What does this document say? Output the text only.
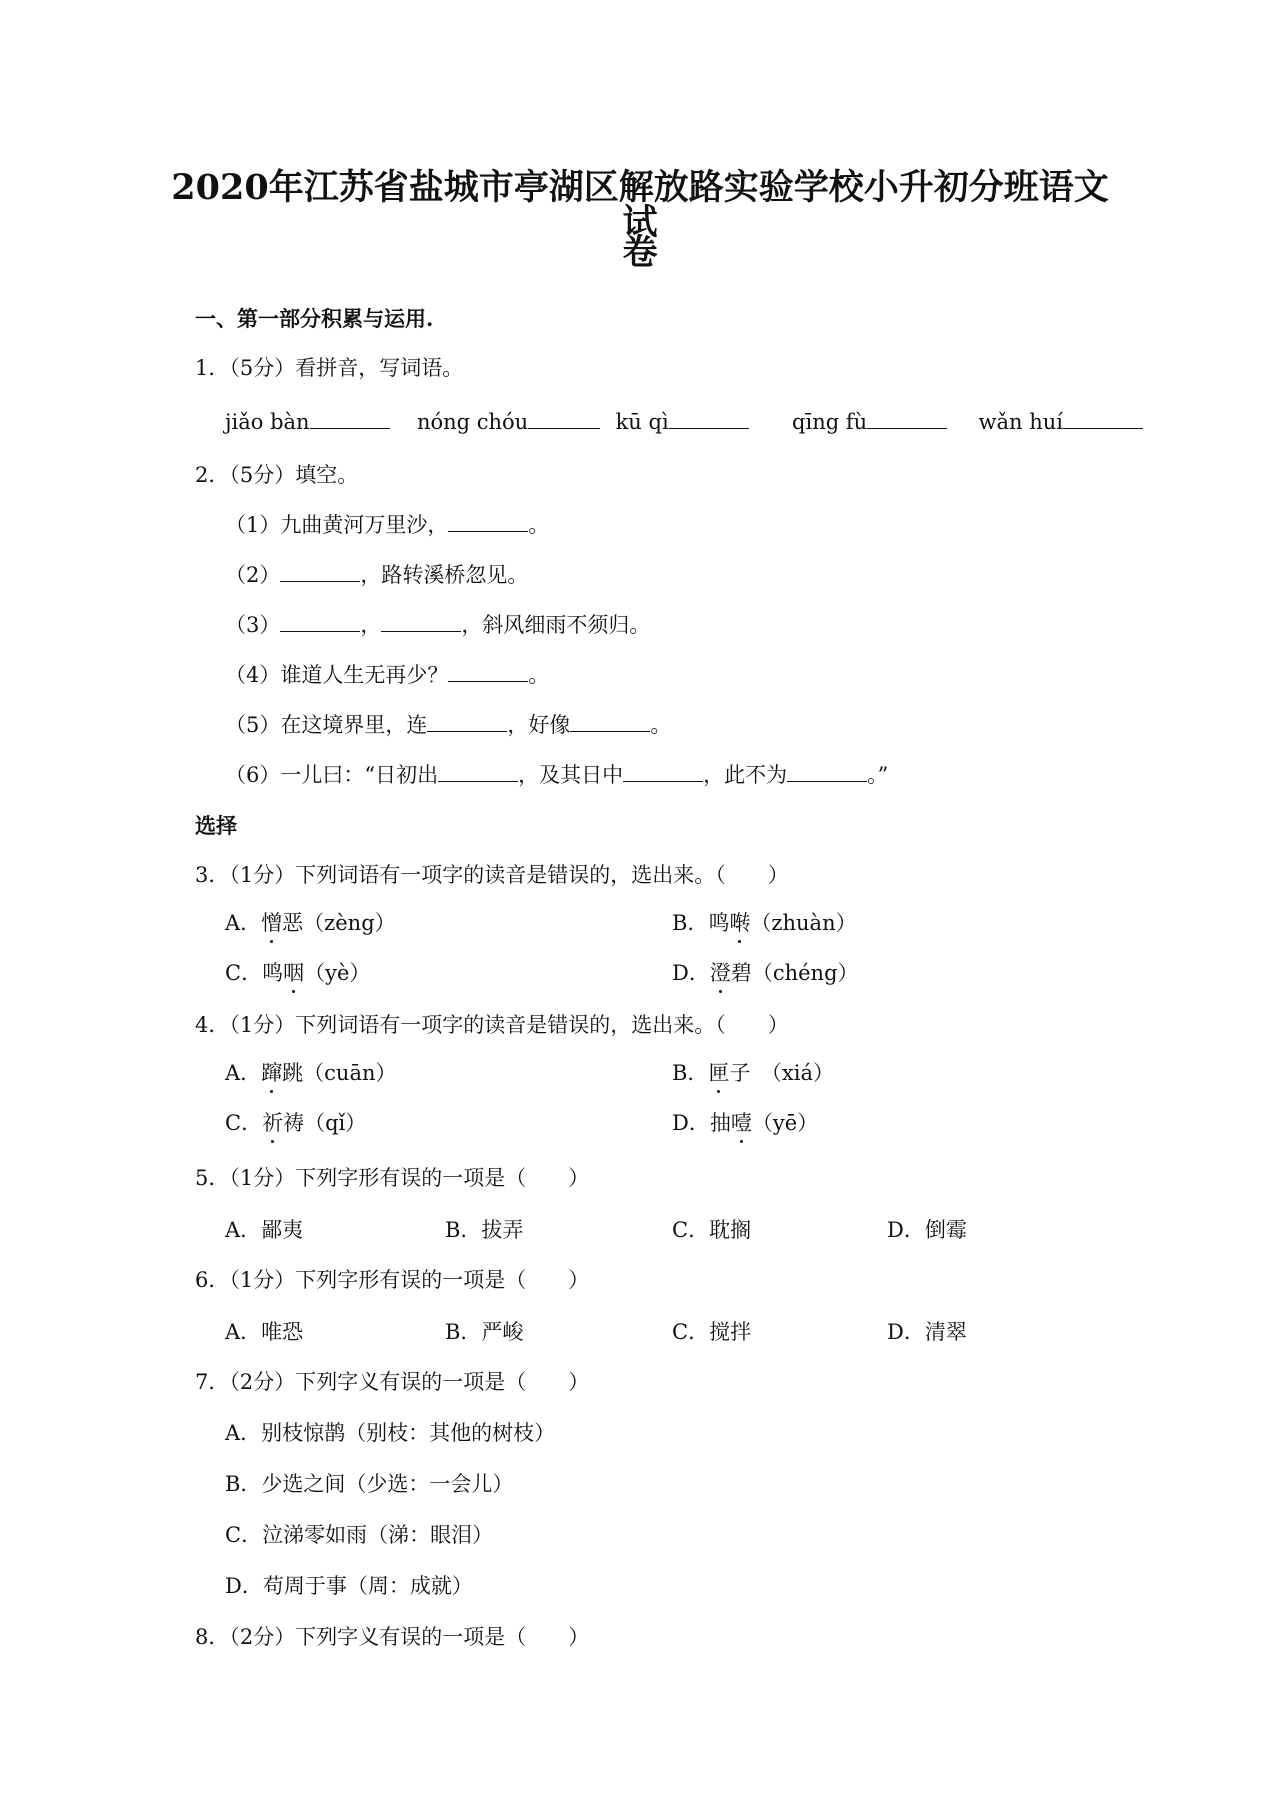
2020年江苏省盐城市亭湖区解放路实验学校小升初分班语文试
卷
一、第一部分积累与运用.
1．（5分）看拼音，写词语。
jiǎo bàn	nóng chóu	kū qì	qīng fù	wǎn huí
2．（5分）填空。
（1）九曲黄河万里沙，	。
（2）	，路转溪桥忽见。
（3）	，	，斜风细雨不须归。
（4）谁道人生无再少？	。
（5）在这境界里，连	，好像	。
（6）一儿曰：“日初出	，及其日中	，此不为	。”
选择
3．（1分）下列词语有一项字的读音是错误的，选出来。（　　）
A．憎恶（zèng）	B．鸣啭（zhuàn）
C．鸣咽（yè）	D．澄碧（chéng）
4．（1分）下列词语有一项字的读音是错误的，选出来。（　　）
A．蹿跳（cuān）	B．匣子　（xiá）
C．祈祷（qǐ）	D．抽噎（yē）
5．（1分）下列字形有误的一项是（　　）
A．鄙夷	B．拔弄	C．耽搁	D．倒霉
6．（1分）下列字形有误的一项是（　　）
A．唯恐	B．严峻	C．搅拌	D．清翠
7．（2分）下列字义有误的一项是（　　）
A．别枝惊鹊（别枝：其他的树枝）
B．少选之间（少选：一会儿）
C．泣涕零如雨（涕：眼泪）
D．苟周于事（周：成就）
8．（2分）下列字义有误的一项是（　　）
